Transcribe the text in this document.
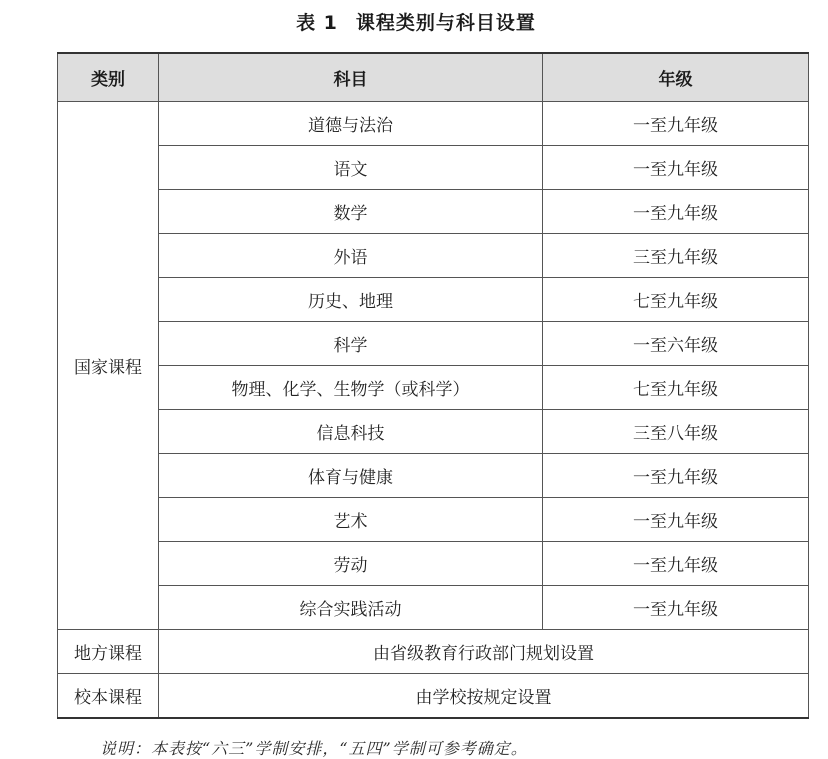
表 1 课程类别与科目设置
类别	科目	年级
国家课程	道德与法治	一至九年级
	语文	一至九年级
	数学	一至九年级
	外语	三至九年级
	历史、地理	七至九年级
	科学	一至六年级
	物理、化学、生物学（或科学）	七至九年级
	信息科技	三至八年级
	体育与健康	一至九年级
	艺术	一至九年级
	劳动	一至九年级
	综合实践活动	一至九年级
地方课程	由省级教育行政部门规划设置	
校本课程	由学校按规定设置	
说明：本表按“六三”学制安排，“五四”学制可参考确定。
